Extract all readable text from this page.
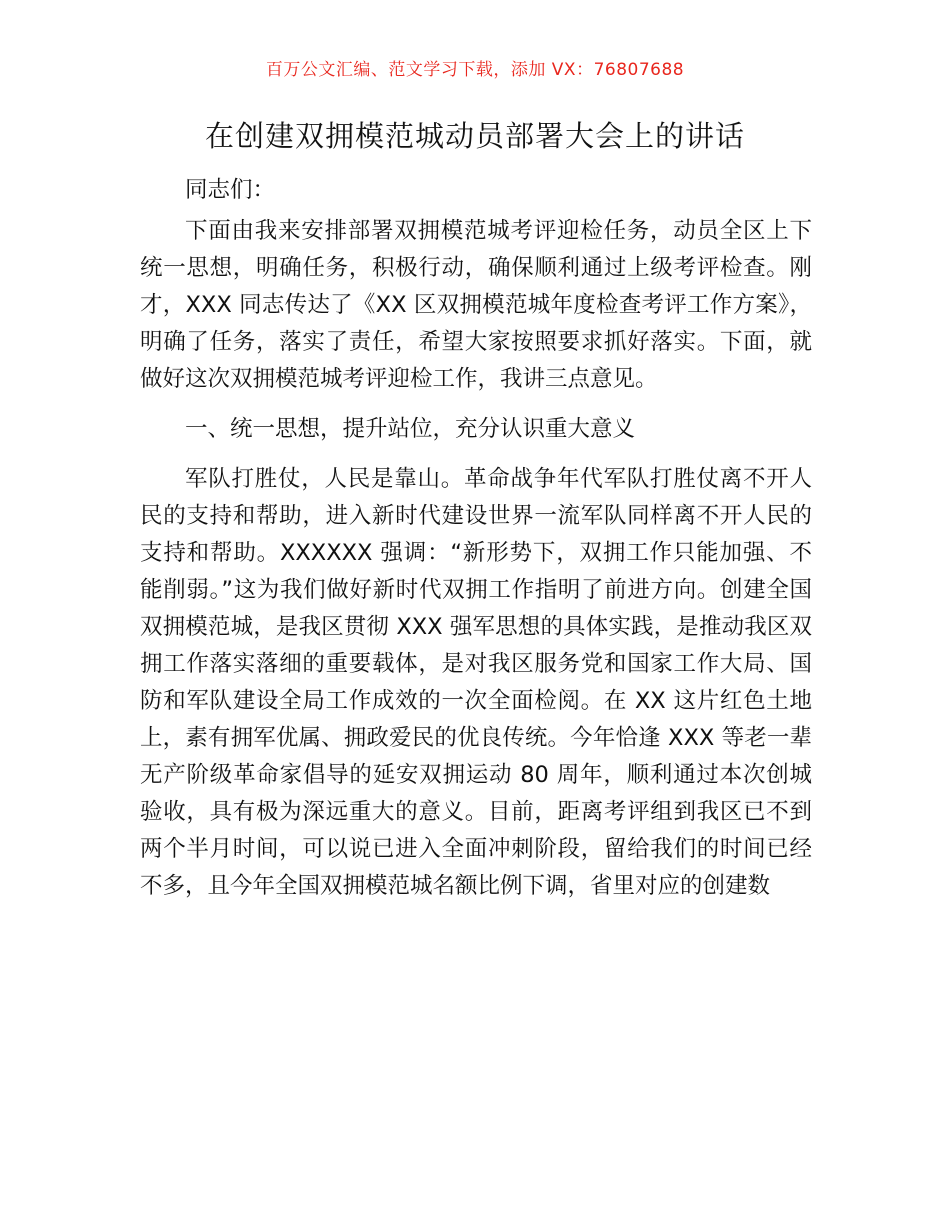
百万公文汇编、范文学习下载，添加 VX：76807688
在创建双拥模范城动员部署大会上的讲话

同志们：

下面由我来安排部署双拥模范城考评迎检任务，动员全区上下统一思想，明确任务，积极行动，确保顺利通过上级考评检查。刚才，XXX 同志传达了《XX 区双拥模范城年度检查考评工作方案》，明确了任务，落实了责任，希望大家按照要求抓好落实。下面，就做好这次双拥模范城考评迎检工作，我讲三点意见。

一、统一思想，提升站位，充分认识重大意义

军队打胜仗，人民是靠山。革命战争年代军队打胜仗离不开人民的支持和帮助，进入新时代建设世界一流军队同样离不开人民的支持和帮助。XXXXXX 强调：“新形势下，双拥工作只能加强、不能削弱。”这为我们做好新时代双拥工作指明了前进方向。创建全国双拥模范城，是我区贯彻 XXX 强军思想的具体实践，是推动我区双拥工作落实落细的重要载体，是对我区服务党和国家工作大局、国防和军队建设全局工作成效的一次全面检阅。在 XX 这片红色土地上，素有拥军优属、拥政爱民的优良传统。今年恰逢 XXX 等老一辈无产阶级革命家倡导的延安双拥运动 80 周年，顺利通过本次创城验收，具有极为深远重大的意义。目前，距离考评组到我区已不到两个半月时间，可以说已进入全面冲刺阶段，留给我们的时间已经不多，且今年全国双拥模范城名额比例下调，省里对应的创建数
